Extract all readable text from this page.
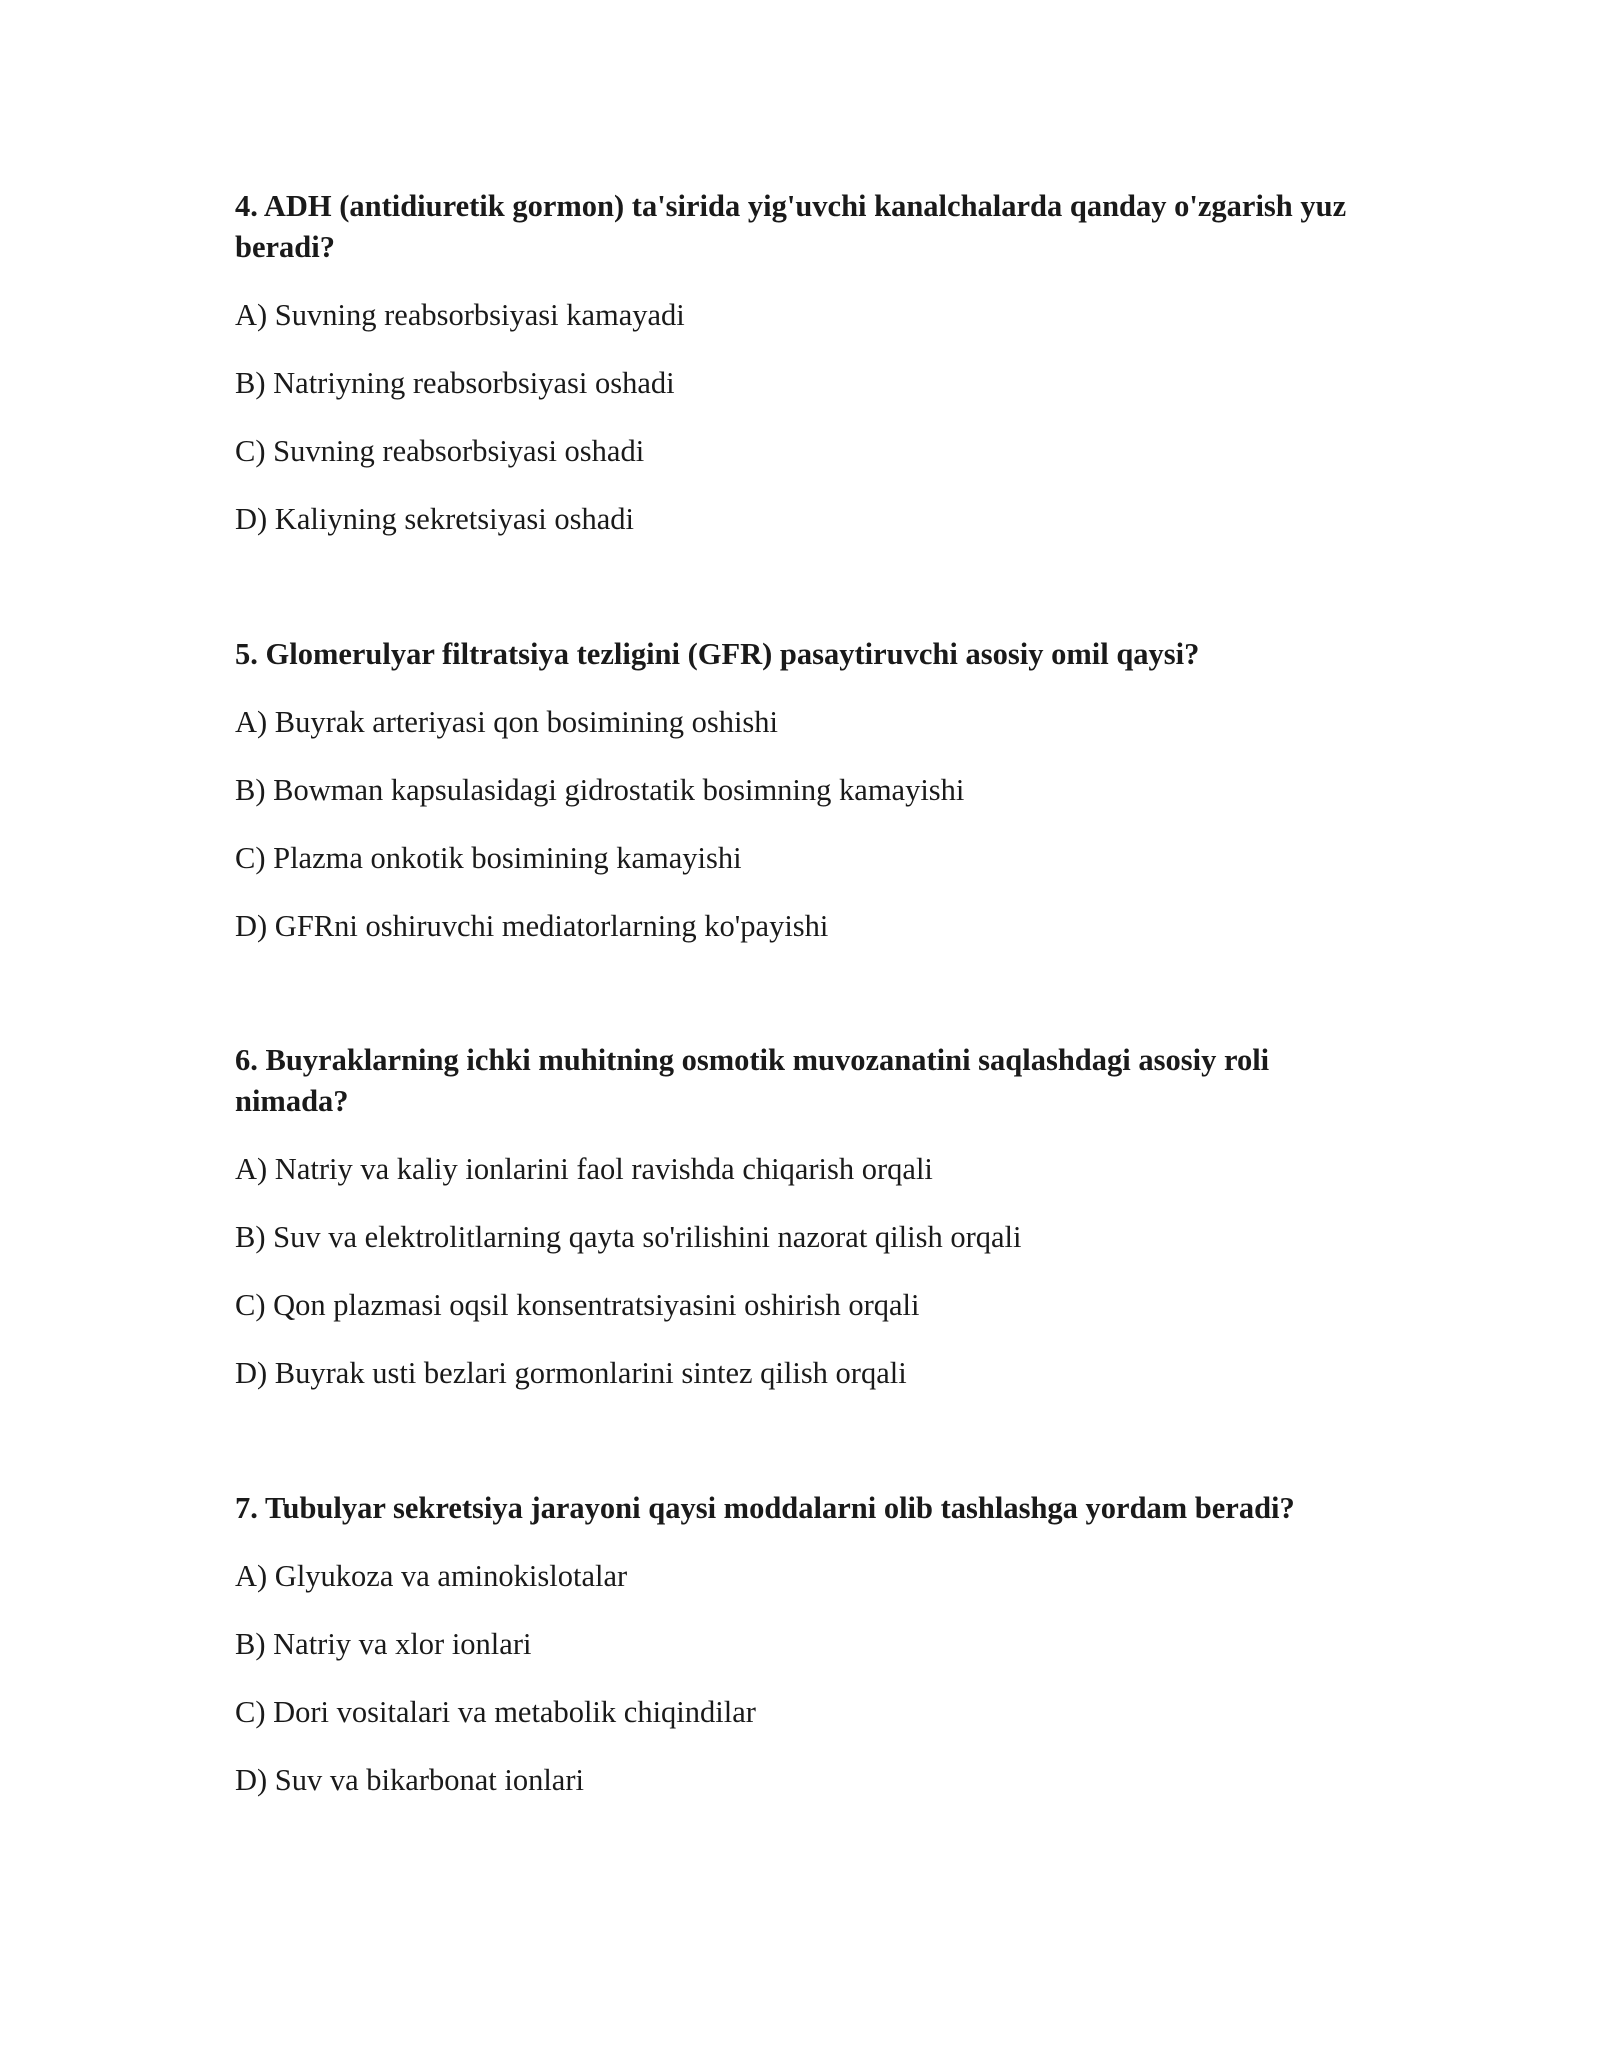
4. ADH (antidiuretik gormon) ta'sirida yig'uvchi kanalchalarda qanday o'zgarish yuz beradi?
A) Suvning reabsorbsiyasi kamayadi
B) Natriyning reabsorbsiyasi oshadi
C) Suvning reabsorbsiyasi oshadi
D) Kaliyning sekretsiyasi oshadi
5. Glomerulyar filtratsiya tezligini (GFR) pasaytiruvchi asosiy omil qaysi?
A) Buyrak arteriyasi qon bosimining oshishi
B) Bowman kapsulasidagi gidrostatik bosimning kamayishi
C) Plazma onkotik bosimining kamayishi
D) GFRni oshiruvchi mediatorlarning ko'payishi
6. Buyraklarning ichki muhitning osmotik muvozanatini saqlashdagi asosiy roli nimada?
A) Natriy va kaliy ionlarini faol ravishda chiqarish orqali
B) Suv va elektrolitlarning qayta so'rilishini nazorat qilish orqali
C) Qon plazmasi oqsil konsentratsiyasini oshirish orqali
D) Buyrak usti bezlari gormonlarini sintez qilish orqali
7. Tubulyar sekretsiya jarayoni qaysi moddalarni olib tashlashga yordam beradi?
A) Glyukoza va aminokislotalar
B) Natriy va xlor ionlari
C) Dori vositalari va metabolik chiqindilar
D) Suv va bikarbonat ionlari
